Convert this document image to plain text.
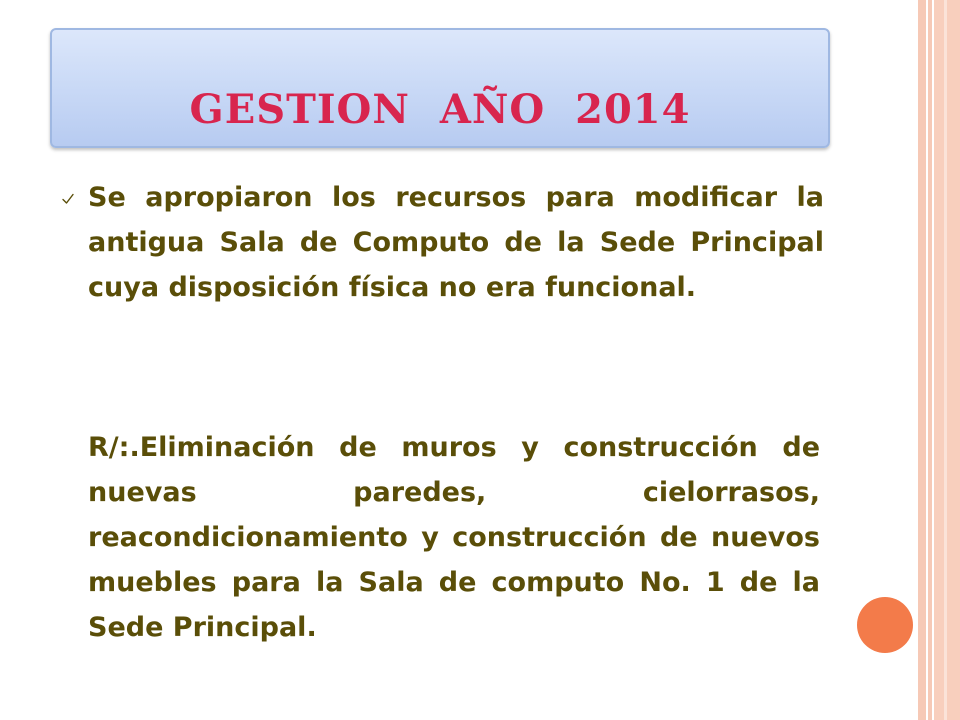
GESTION  AÑO  2014

Se apropiaron los recursos para modificar la antigua Sala de Computo de la Sede Principal cuya disposición física no era funcional.

R/:.Eliminación de muros y construcción de nuevas paredes, cielorrasos, reacondicionamiento y construcción de nuevos muebles para la Sala de computo No. 1 de la Sede Principal.
